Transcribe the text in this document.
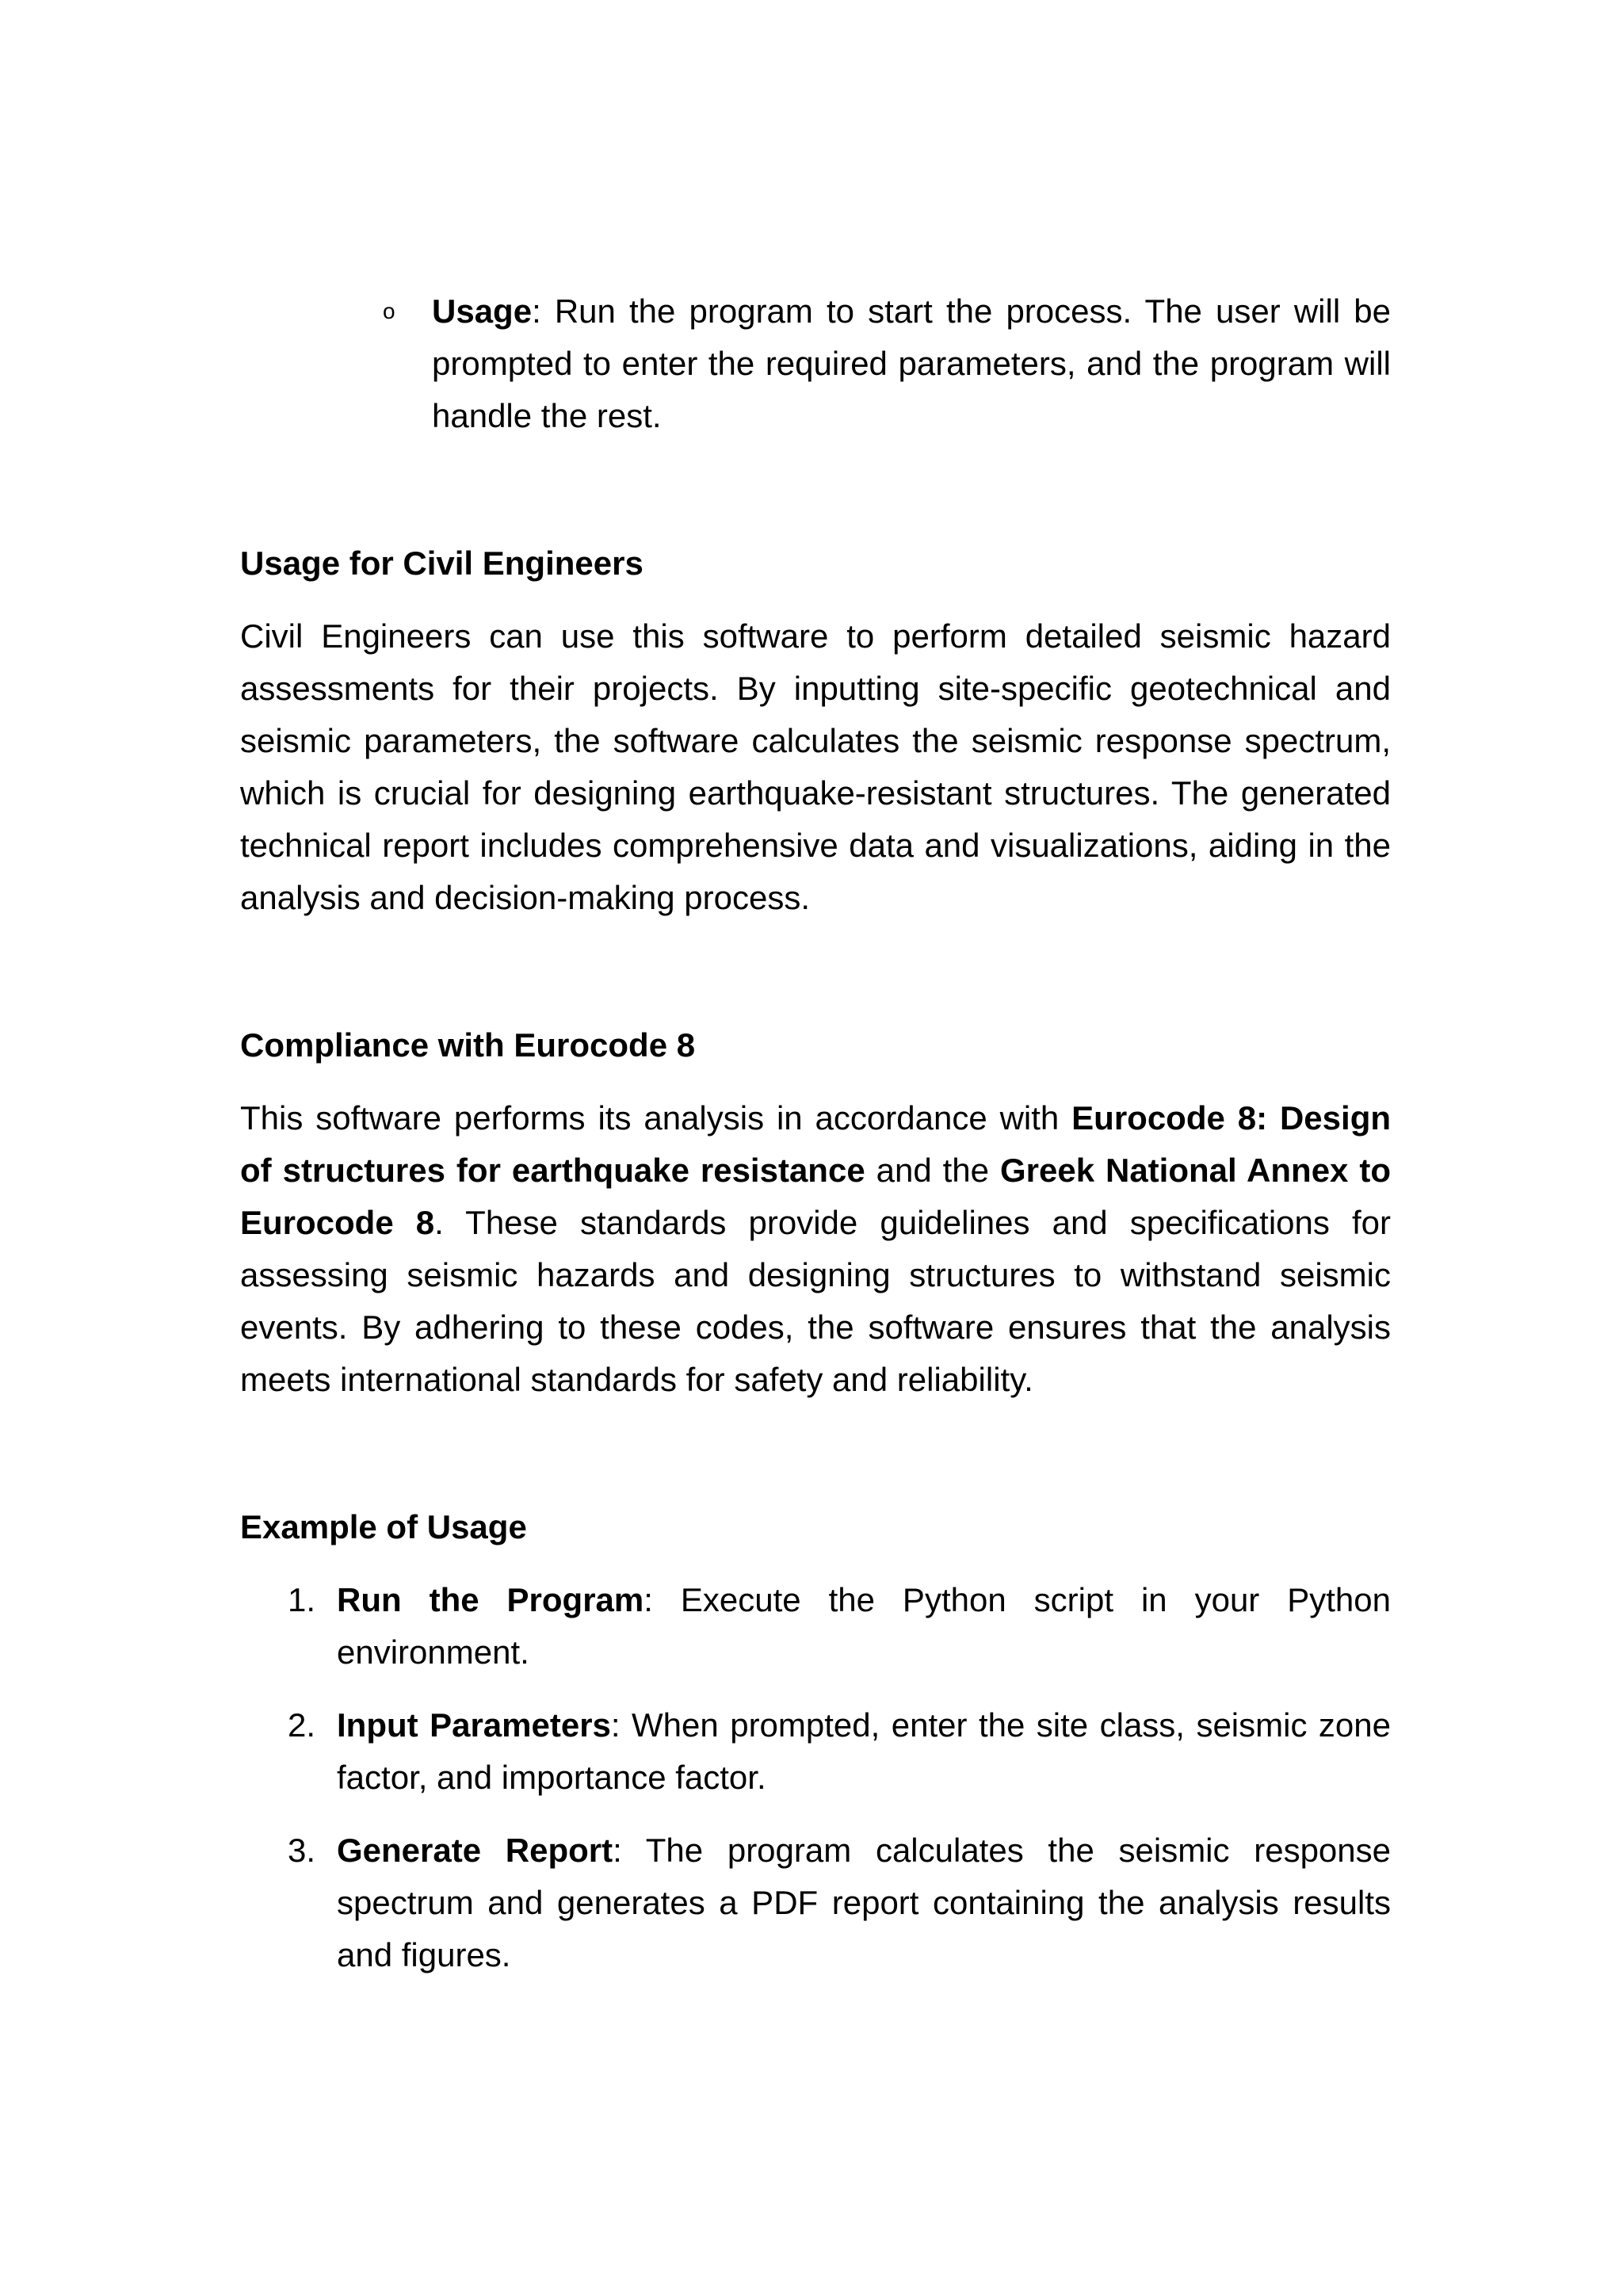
o Usage: Run the program to start the process. The user will be prompted to enter the required parameters, and the program will handle the rest.

Usage for Civil Engineers

Civil Engineers can use this software to perform detailed seismic hazard assessments for their projects. By inputting site-specific geotechnical and seismic parameters, the software calculates the seismic response spectrum, which is crucial for designing earthquake-resistant structures. The generated technical report includes comprehensive data and visualizations, aiding in the analysis and decision-making process.

Compliance with Eurocode 8

This software performs its analysis in accordance with Eurocode 8: Design of structures for earthquake resistance and the Greek National Annex to Eurocode 8. These standards provide guidelines and specifications for assessing seismic hazards and designing structures to withstand seismic events. By adhering to these codes, the software ensures that the analysis meets international standards for safety and reliability.

Example of Usage
1. Run the Program: Execute the Python script in your Python environment.
2. Input Parameters: When prompted, enter the site class, seismic zone factor, and importance factor.
3. Generate Report: The program calculates the seismic response spectrum and generates a PDF report containing the analysis results and figures.
